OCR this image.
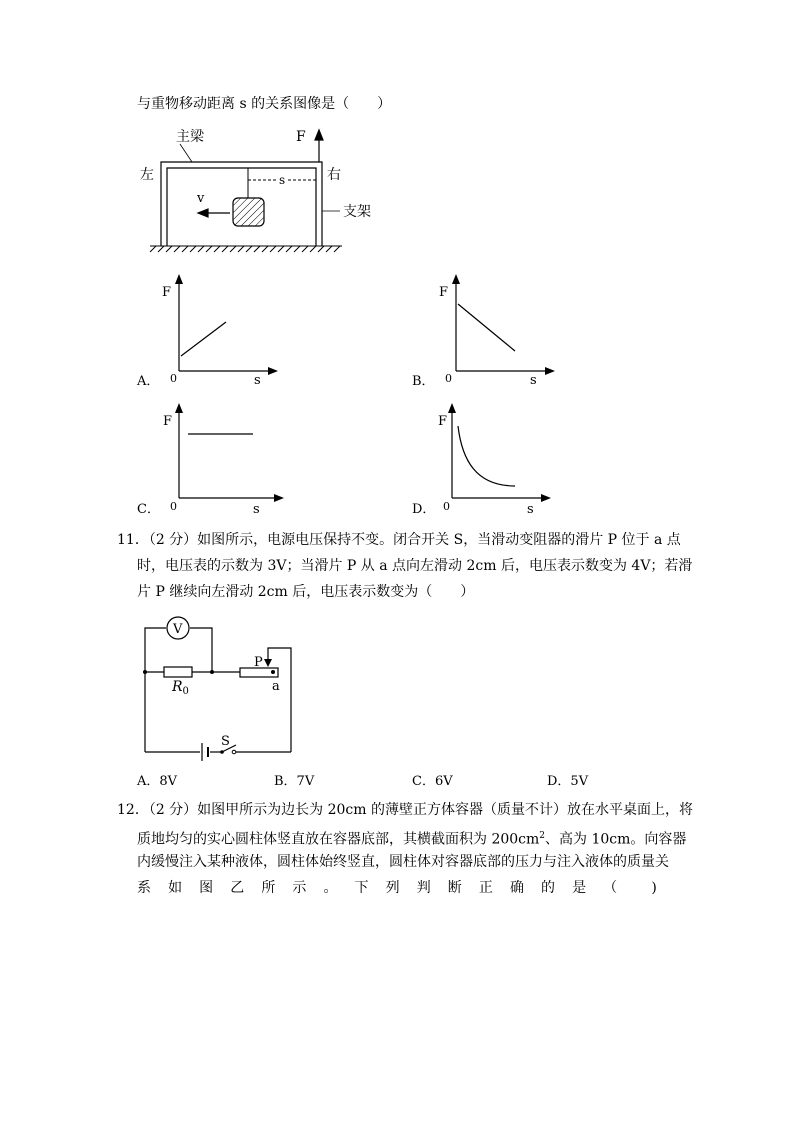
与重物移动距离 s 的关系图像是（　　）
主梁	F
左	右
s
v
支架
F
0	s
F
0	s
F
0	s
F
0	s
A．	B．
C．	D．
11．（2 分）如图所示，电源电压保持不变。闭合开关 S，当滑动变阻器的滑片 P 位于 a 点
时，电压表的示数为 3V；当滑片 P 从 a 点向左滑动 2cm 后，电压表示数变为 4V；若滑
片 P 继续向左滑动 2cm 后，电压表示数变为（　　）
V
P
$R_0$	a
S
A．8V	B．7V	C．6V	D．5V
12．（2 分）如图甲所示为边长为 20cm 的薄壁正方体容器（质量不计）放在水平桌面上，将
质地均匀的实心圆柱体竖直放在容器底部，其横截面积为 $200cm^2$、高为 10cm。向容器
内缓慢注入某种液体，圆柱体始终竖直，圆柱体对容器底部的压力与注入液体的质量关
系 如 图 乙 所 示 。 下 列 判 断 正 确 的 是 （ )
